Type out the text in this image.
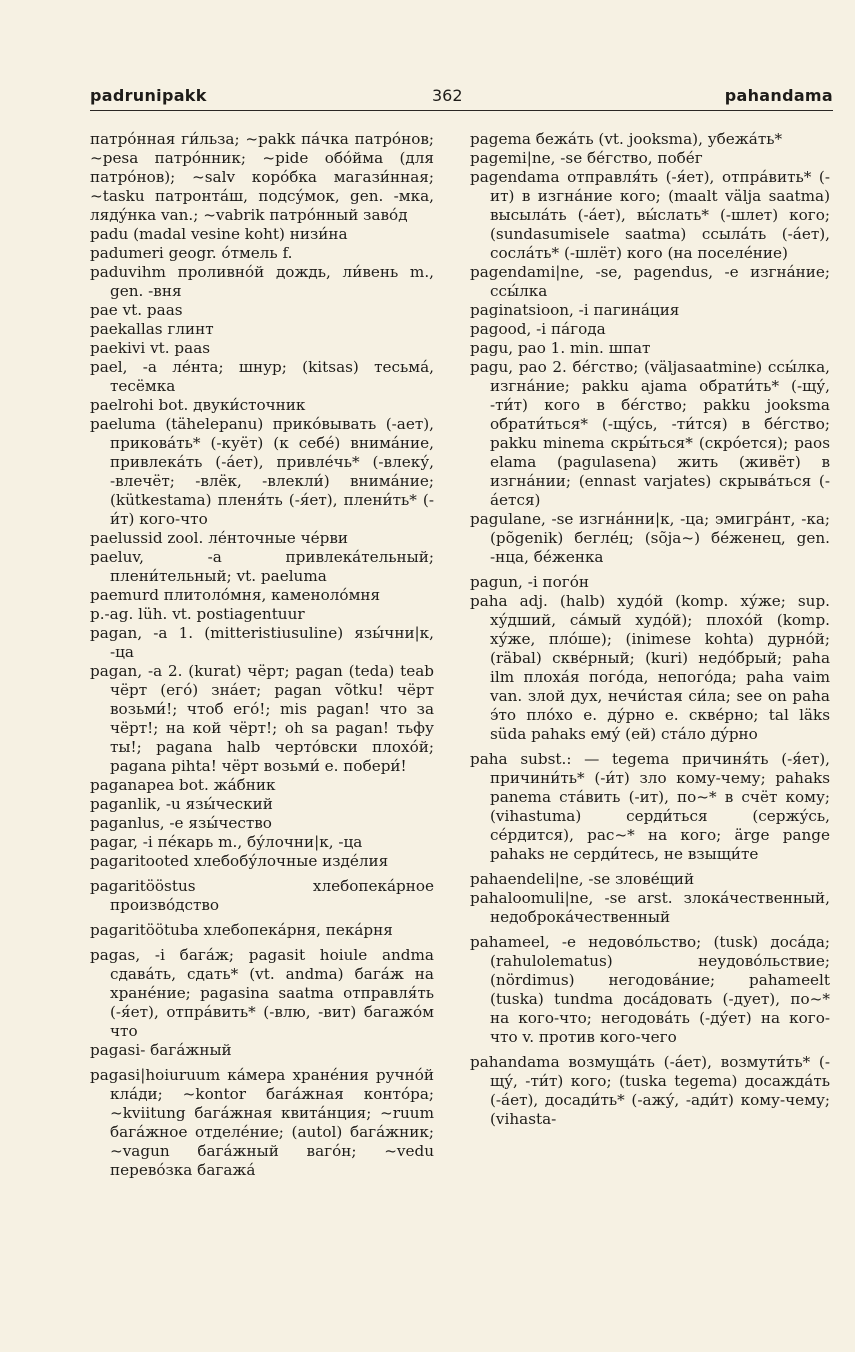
padrunipakk	362	pahandama

патро́нная ги́льза; ~pakk па́чка патро́нов; ~pesa патро́нник; ~pide обо́йма (для патро́нов); ~salv коро́бка магази́нная; ~tasku патронта́ш, подсу́мок, gen. -мка, ляду́нка van.; ~vabrik патро́нный заво́д

padu (madal vesine koht) низи́на

padumeri geogr. о́тмель f.

paduvihm проливно́й дождь, ли́вень m., gen. -вня

pae vt. paas

paekallas глинт

paekivi vt. paas

pael, -a ле́нта; шнур; (kitsas) тесьма́, тесёмка

paelrohi bot. двуки́сточник

paeluma (tähelepanu) прико́вывать (-ает), прикова́ть* (-куёт) (к себе́) внима́ние, привлека́ть (-а́ет), привле́чь* (-влеку́, -влечёт; -влёк, -влекли́) внима́ние; (kütkestama) пленя́ть (-я́ет), плени́ть* (-и́т) кого-что

paelussid zool. ле́нточные че́рви

paeluv, -a привлека́тельный; плени́тельный; vt. paeluma

paemurd плитоло́мня, каменоло́мня

p.-ag. lüh. vt. postiagentuur

pagan, -a 1. (mitteristiusuline) язы́чни|к, -ца

pagan, -a 2. (kurat) чёрт; pagan (teda) teab чёрт (его́) зна́ет; pagan võtku! чёрт возьми́!; чтоб его́!; mis pagan! что за чёрт!; на кой чёрт!; oh sa pagan! тьфу ты!; pagana halb черто́вски плохо́й; pagana pihta! чёрт возьми́ e. побери́!

paganapea bot. жа́бник

paganlik, -u язы́ческий

paganlus, -e язы́чество

pagar, -i пе́карь m., бу́лочни|к, -ца

pagaritooted хлебобу́лочные изде́лия

pagaritööstus хлебопека́рное произво́дство

pagaritöötuba хлебопека́рня, пека́рня

pagas, -i бага́ж; pagasit hoiule andma сдава́ть, сдать* (vt. andma) бага́ж на хране́ние; pagasina saatma отправля́ть (-я́ет), отпра́вить* (-влю, -вит) багажо́м что

pagasi- бага́жный

pagasi|hoiuruum ка́мера хране́ния ручно́й кла́ди; ~kontor бага́жная конто́ра; ~kviitung бага́жная квита́нция; ~ruum бага́жное отделе́ние; (autol) бага́жник; ~vagun бага́жный ваго́н; ~vedu перево́зка багажа́

pagema бежа́ть (vt. jooksma), убежа́ть*

pagemi|ne, -se бе́гство, побе́г

pagendama отправля́ть (-я́ет), отпра́вить* (-ит) в изгна́ние кого; (maalt välja saatma) высыла́ть (-а́ет), вы́слать* (-шлет) кого; (sundasumisele saatma) ссыла́ть (-а́ет), сосла́ть* (-шлёт) кого (на поселе́ние)

pagendami|ne, -se, pagendus, -e изгна́ние; ссы́лка

paginatsioon, -i пагина́ция

pagood, -i па́года

pagu, pao 1. min. шпат

pagu, pao 2. бе́гство; (väljasaatmine) ссы́лка, изгна́ние; pakku ajama обрати́ть* (-щу́, -ти́т) кого в бе́гство; pakku jooksma обрати́ться* (-щу́сь, -ти́тся) в бе́гство; pakku minema скры́ться* (скро́ется); paos elama (pagulasena) жить (живёт) в изгна́нии; (ennast varjates) скрыва́ться (-а́ется)

pagulane, -se изгна́нни|к, -ца; эмигра́нт, -ка; (põgenik) бегле́ц; (sõja~) бе́женец, gen. -нца, бе́женка

pagun, -i пого́н

paha adj. (halb) худо́й (komp. ху́же; sup. ху́дший, са́мый худо́й); плохо́й (komp. ху́же, пло́ше); (inimese kohta) дурно́й; (räbal) скве́рный; (kuri) недо́брый; paha ilm плоха́я пого́да, непого́да; paha vaim van. злой дух, нечи́стая си́ла; see on paha э́то пло́хо e. ду́рно e. скве́рно; tal läks süda pahaks ему́ (ей) ста́ло ду́рно

paha subst.: — tegema причиня́ть (-я́ет), причини́ть* (-и́т) зло кому-чему; pahaks panema ста́вить (-ит), по~* в счёт кому; (vihastuma) серди́ться (сержу́сь, се́рдится), рас~* на кого; ärge pange pahaks не серди́тесь, не взыщи́те

pahaendeli|ne, -se злове́щий

pahaloomuli|ne, -se arst. злока́чественный, недоброка́чественный

pahameel, -e недово́льство; (tusk) доса́да; (rahulolematus) неудово́льствие; (nördimus) негодова́ние; pahameelt (tuska) tundma доса́довать (-дует), по~* на кого-что; негодова́ть (-ду́ет) на кого-что v. против кого-чего

pahandama возмуща́ть (-а́ет), возмути́ть* (-щу́, -ти́т) кого; (tuska tegema) досажда́ть (-а́ет), досади́ть* (-ажу́, -ади́т) кому-чему; (vihasta-
